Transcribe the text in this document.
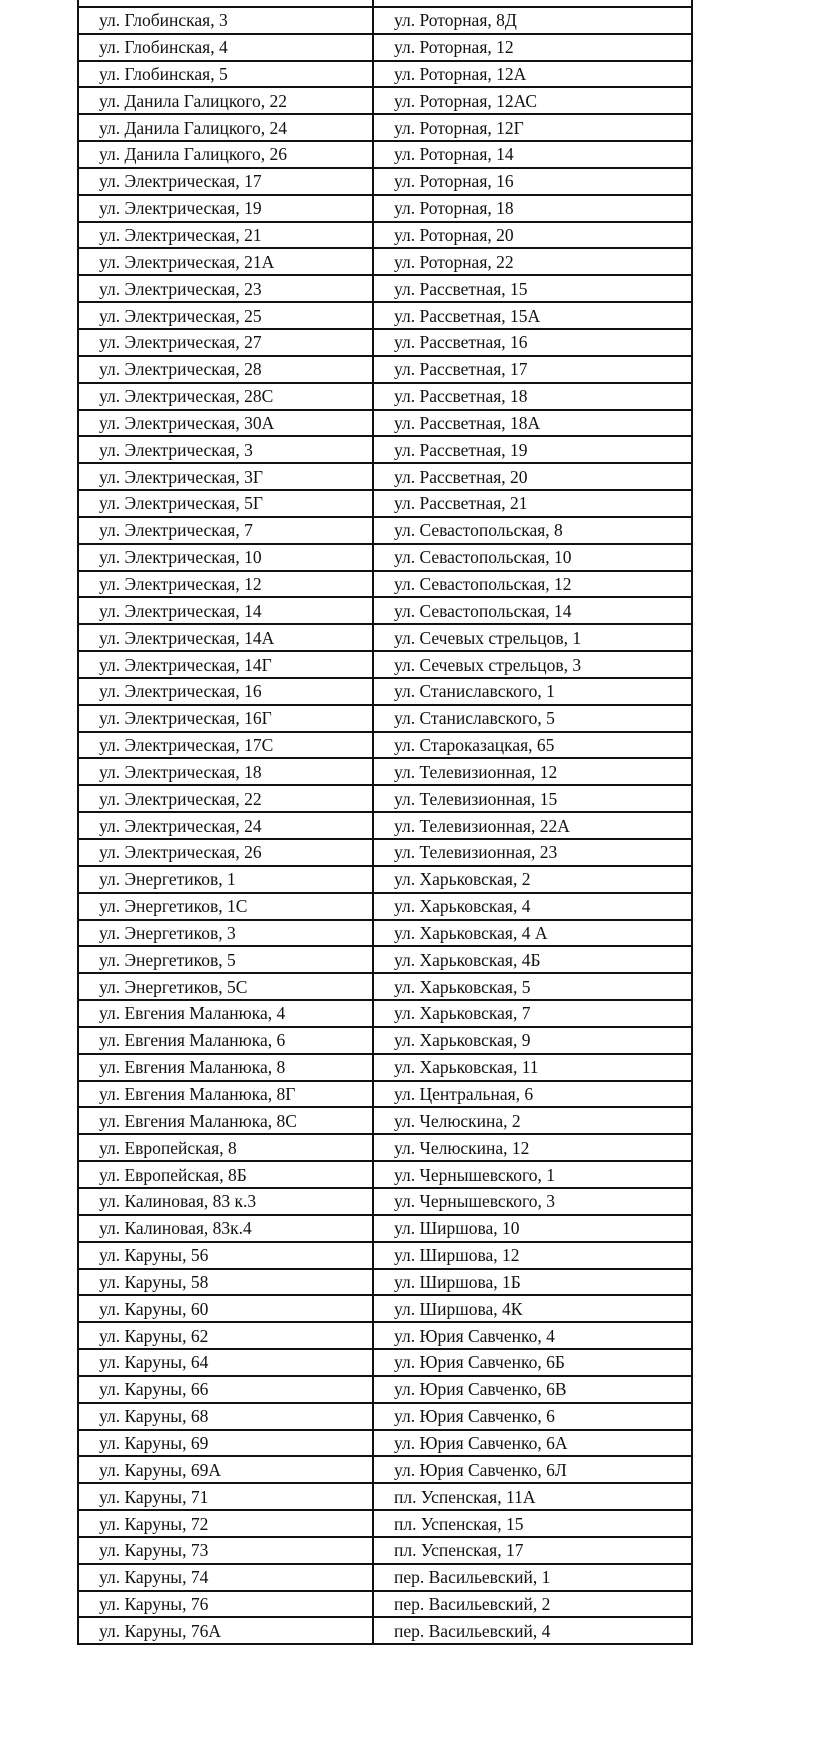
ул. Глобинская, 3	ул. Роторная, 8Д
ул. Глобинская, 4	ул. Роторная, 12
ул. Глобинская, 5	ул. Роторная, 12А
ул. Данила Галицкого, 22	ул. Роторная, 12АС
ул. Данила Галицкого, 24	ул. Роторная, 12Г
ул. Данила Галицкого, 26	ул. Роторная, 14
ул. Электрическая, 17	ул. Роторная, 16
ул. Электрическая, 19	ул. Роторная, 18
ул. Электрическая, 21	ул. Роторная, 20
ул. Электрическая, 21А	ул. Роторная, 22
ул. Электрическая, 23	ул. Рассветная, 15
ул. Электрическая, 25	ул. Рассветная, 15А
ул. Электрическая, 27	ул. Рассветная, 16
ул. Электрическая, 28	ул. Рассветная, 17
ул. Электрическая, 28С	ул. Рассветная, 18
ул. Электрическая, 30А	ул. Рассветная, 18А
ул. Электрическая, 3	ул. Рассветная, 19
ул. Электрическая, 3Г	ул. Рассветная, 20
ул. Электрическая, 5Г	ул. Рассветная, 21
ул. Электрическая, 7	ул. Севастопольская, 8
ул. Электрическая, 10	ул. Севастопольская, 10
ул. Электрическая, 12	ул. Севастопольская, 12
ул. Электрическая, 14	ул. Севастопольская, 14
ул. Электрическая, 14А	ул. Сечевых стрельцов, 1
ул. Электрическая, 14Г	ул. Сечевых стрельцов, 3
ул. Электрическая, 16	ул. Станиславского, 1
ул. Электрическая, 16Г	ул. Станиславского, 5
ул. Электрическая, 17С	ул. Староказацкая, 65
ул. Электрическая, 18	ул. Телевизионная, 12
ул. Электрическая, 22	ул. Телевизионная, 15
ул. Электрическая, 24	ул. Телевизионная, 22А
ул. Электрическая, 26	ул. Телевизионная, 23
ул. Энергетиков, 1	ул. Харьковская, 2
ул. Энергетиков, 1С	ул. Харьковская, 4
ул. Энергетиков, 3	ул. Харьковская, 4 А
ул. Энергетиков, 5	ул. Харьковская, 4Б
ул. Энергетиков, 5С	ул. Харьковская, 5
ул. Евгения Маланюка, 4	ул. Харьковская, 7
ул. Евгения Маланюка, 6	ул. Харьковская, 9
ул. Евгения Маланюка, 8	ул. Харьковская, 11
ул. Евгения Маланюка, 8Г	ул. Центральная, 6
ул. Евгения Маланюка, 8С	ул. Челюскина, 2
ул. Европейская, 8	ул. Челюскина, 12
ул. Европейская, 8Б	ул. Чернышевского, 1
ул. Калиновая, 83 к.3	ул. Чернышевского, 3
ул. Калиновая, 83к.4	ул. Ширшова, 10
ул. Каруны, 56	ул. Ширшова, 12
ул. Каруны, 58	ул. Ширшова, 1Б
ул. Каруны, 60	ул. Ширшова, 4К
ул. Каруны, 62	ул. Юрия Савченко, 4
ул. Каруны, 64	ул. Юрия Савченко, 6Б
ул. Каруны, 66	ул. Юрия Савченко, 6В
ул. Каруны, 68	ул. Юрия Савченко, 6
ул. Каруны, 69	ул. Юрия Савченко, 6А
ул. Каруны, 69А	ул. Юрия Савченко, 6Л
ул. Каруны, 71	пл. Успенская, 11А
ул. Каруны, 72	пл. Успенская, 15
ул. Каруны, 73	пл. Успенская, 17
ул. Каруны, 74	пер. Васильевский, 1
ул. Каруны, 76	пер. Васильевский, 2
ул. Каруны, 76А	пер. Васильевский, 4
